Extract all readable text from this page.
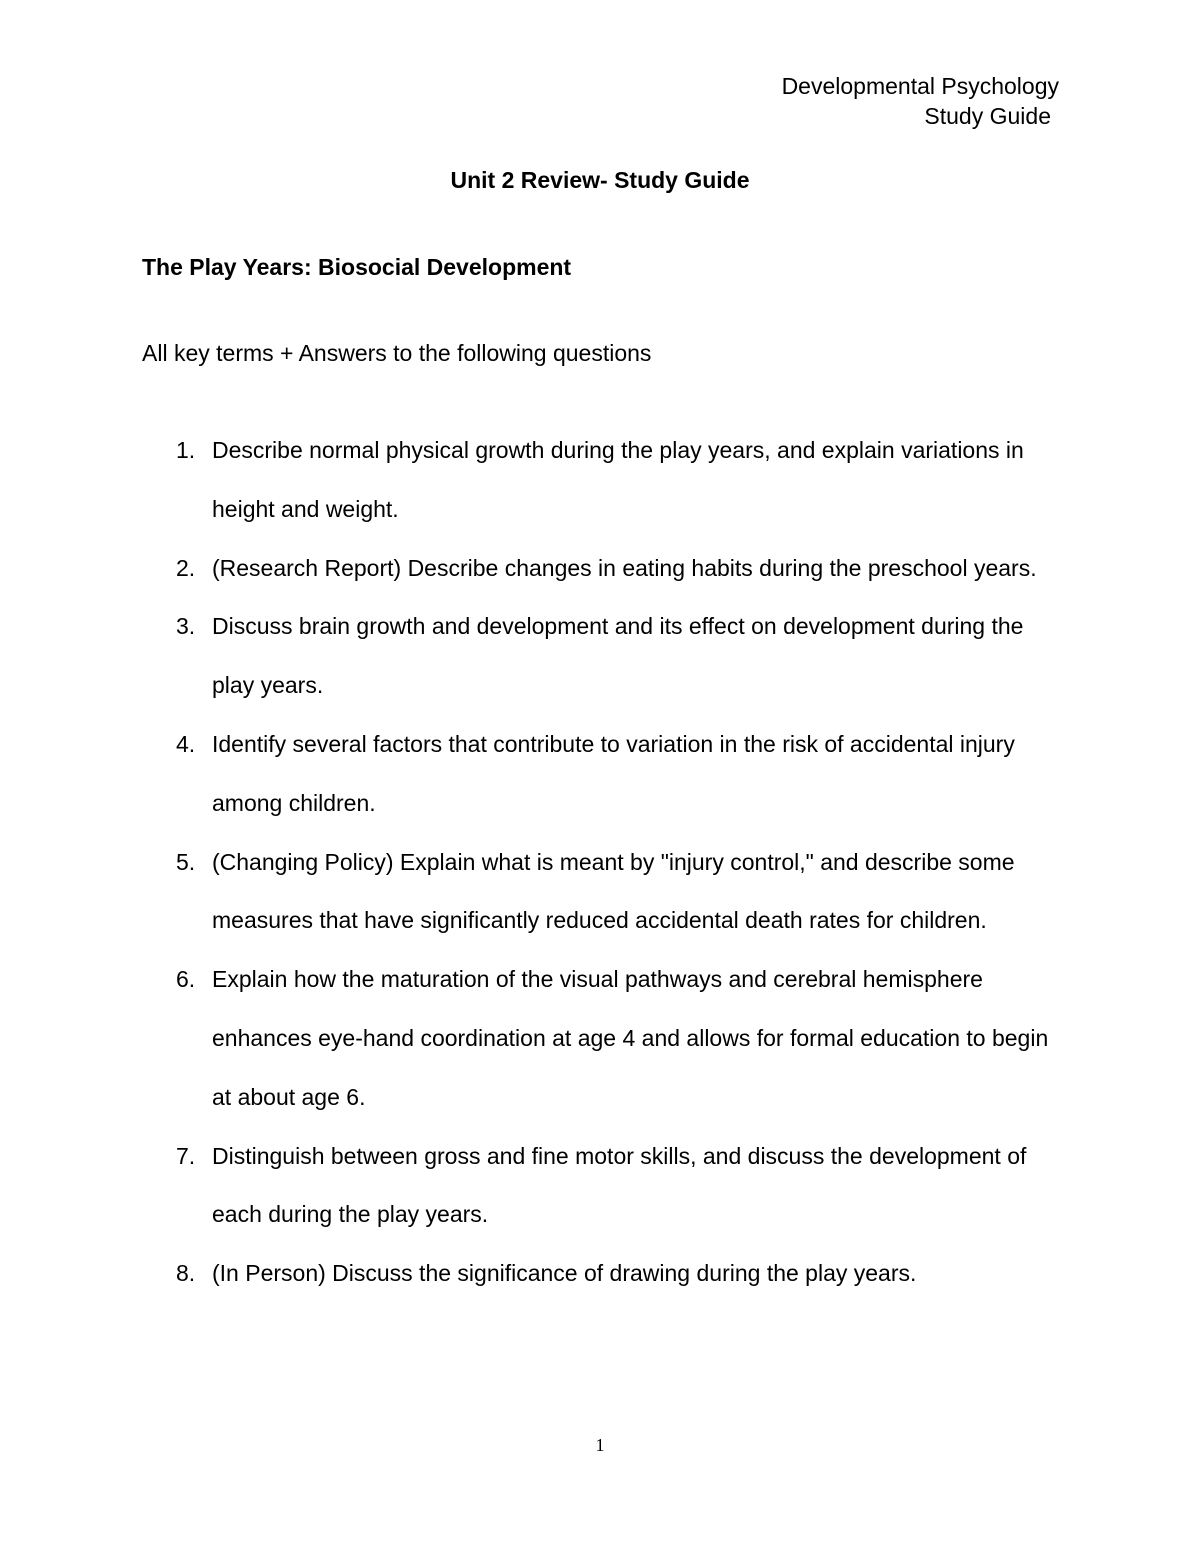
Developmental Psychology
Study Guide
Unit 2 Review- Study Guide
The Play Years: Biosocial Development
All key terms + Answers to the following questions
1. Describe normal physical growth during the play years, and explain variations in height and weight.
2. (Research Report) Describe changes in eating habits during the preschool years.
3. Discuss brain growth and development and its effect on development during the play years.
4. Identify several factors that contribute to variation in the risk of accidental injury among children.
5. (Changing Policy) Explain what is meant by "injury control," and describe some measures that have significantly reduced accidental death rates for children.
6. Explain how the maturation of the visual pathways and cerebral hemisphere enhances eye-hand coordination at age 4 and allows for formal education to begin at about age 6.
7. Distinguish between gross and fine motor skills, and discuss the development of each during the play years.
8. (In Person) Discuss the significance of drawing during the play years.
1
